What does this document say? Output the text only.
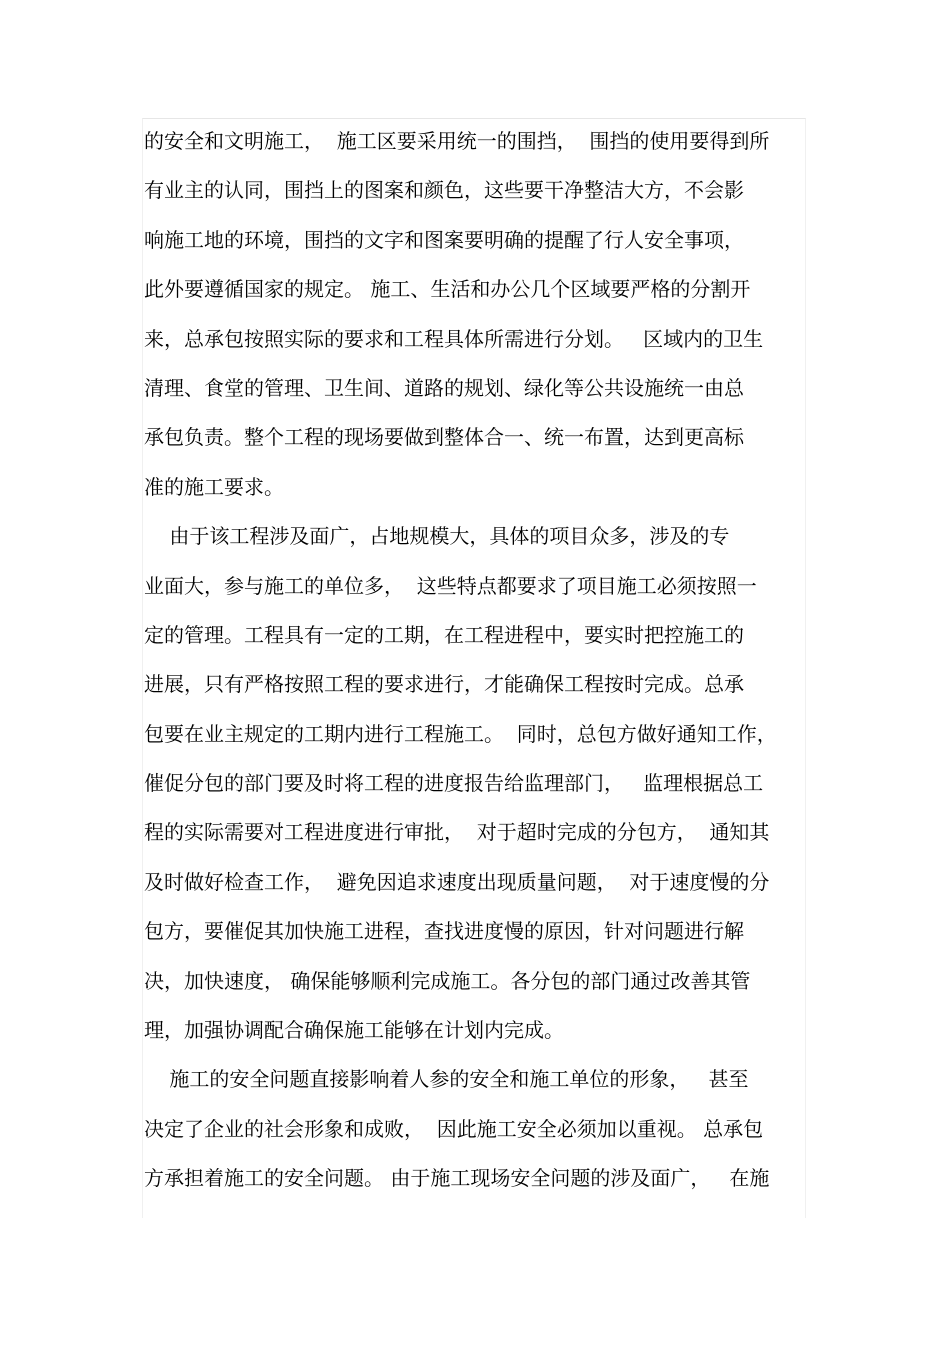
的安全和文明施工，  施工区要采用统一的围挡，  围挡的使用要得到所
有业主的认同，围挡上的图案和颜色，这些要干净整洁大方，不会影
响施工地的环境，围挡的文字和图案要明确的提醒了行人安全事项，
此外要遵循国家的规定。 施工、生活和办公几个区域要严格的分割开
来，总承包按照实际的要求和工程具体所需进行分划。   区域内的卫生
清理、食堂的管理、卫生间、道路的规划、绿化等公共设施统一由总
承包负责。整个工程的现场要做到整体合一、统一布置，达到更高标
准的施工要求。
由于该工程涉及面广，占地规模大，具体的项目众多，涉及的专
业面大，参与施工的单位多，  这些特点都要求了项目施工必须按照一
定的管理。工程具有一定的工期，在工程进程中，要实时把控施工的
进展，只有严格按照工程的要求进行，才能确保工程按时完成。总承
包要在业主规定的工期内进行工程施工。  同时，总包方做好通知工作，
催促分包的部门要及时将工程的进度报告给监理部门，   监理根据总工
程的实际需要对工程进度进行审批，  对于超时完成的分包方，  通知其
及时做好检查工作，  避免因追求速度出现质量问题，  对于速度慢的分
包方，要催促其加快施工进程，查找进度慢的原因，针对问题进行解
决，加快速度， 确保能够顺利完成施工。各分包的部门通过改善其管
理，加强协调配合确保施工能够在计划内完成。
施工的安全问题直接影响着人参的安全和施工单位的形象，   甚至
决定了企业的社会形象和成败，  因此施工安全必须加以重视。 总承包
方承担着施工的安全问题。 由于施工现场安全问题的涉及面广，   在施
